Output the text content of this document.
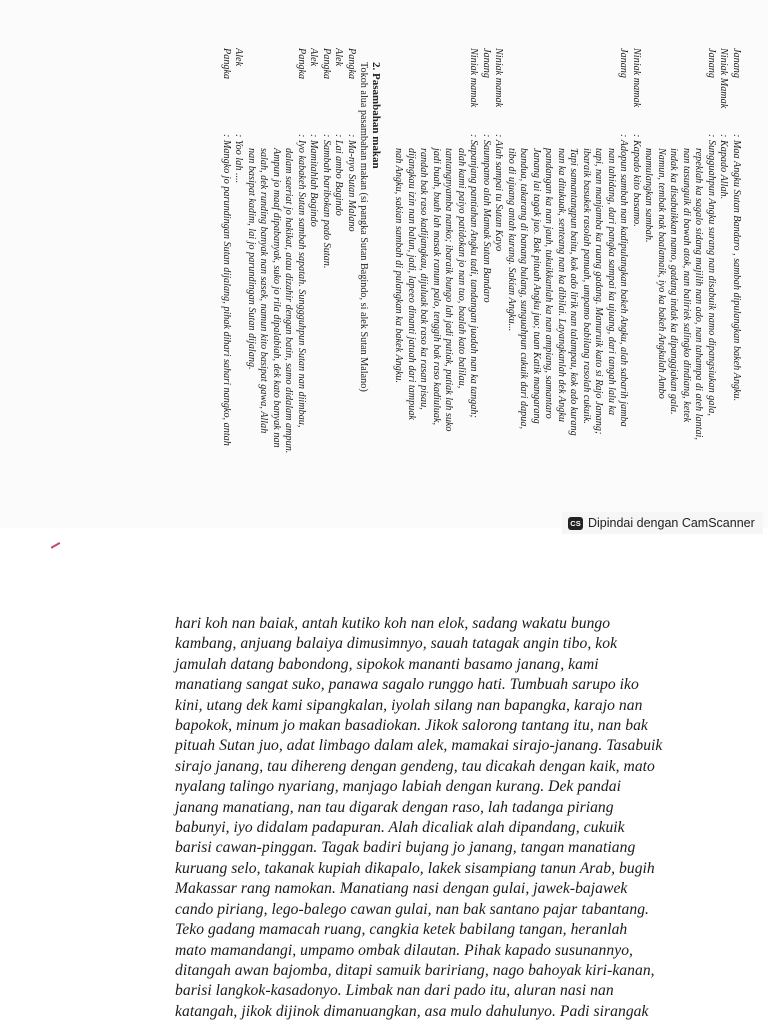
Janang: Maa Angku Sutan Bandaro , sambah dipulangkan bakeh Angku.
Niniak Mamak: Kapado Allah.
Janang: Sungguahpun Angku surang nan disabuik namo dipangsiukan gala,
repeklah ka sagalo sidang majilih nan ado, nan tahampa di ateh lantai,
nan tasunguik di bawah atok, nan baliriek salingko dindiang, ketek
indak ka disabuikkan namo, gadang indak ka dipanggiakan gala.
Namun, tembak nak baalamaik, iyo ka bakeh Angkulah Ambo
mamulangkan sambah.
Niniak mamak: Kapado kito basamo.
Janang: Adopun sambah nan kadipulangkan bakeh Angku, alah sabarih jamba
nan tahidang, dari pangka sampai ka ujuang, dari tangah lalu ka
tapi, nan manjamba ka ruang gadang. Manuruik kato si Rajo Janang;
ibaraik basukek rasolah panuah, umpamo babilang rasolah cukuik.
Tapi samantangpun baitu, kok ado lirik nan talampau, kok ado kurang
nan ka ditukuak, senteang nan ka dibilai. Layangkanlah dek Angku
pandangan ka nan jauh, tukuikkanlah ka nan ampiang, samantaro
Janang lai tagak juo. Bak pituah Angku juo; tuan Katik mangarang
bandua, takarang di banang bulang, sunguahpun cukuik dari dapua,
tibo di ujuang antah kurang. Sakian Angku...
Niniak mamak: Alah sampai tu Sutan Kayo
Janang: Saumpamo alah Mamak Sutan Bandaro
Niniak mamak: Sapanjang pantiahan Angku tadi, tandangan juadah nan ka tangah;
alah kami paiyo patidokan jo nan tuo, baalah kato balilau,
tantangnyamba nanko; ibaraik bungo lah jadi putiak, putiak lah suko
jadi buah, buah lah masak ranum palo, tenggih bak raso kadiuluak,
randah bak raso kadijangkau, dijuluak bak raso ka rasan pisau,
dijangkau izin nan balun, jadi, lapeeo dinanti jatuah dari tampuak
nah Angku, sakian sambah di pulangkan ka bakek Angku.
2. Pasambahan makan
Tokoh alua pasambahan makan (si pangka Sutan Bagindo, si alek Sutan Malano)
Pangka: Ma-nyo Sutan Malano
Alek: Lai ambo Bagindo
Pangka: Sambah baribokan pado Sutan.
Alek: Mamitahlah Bagindo
Pangka: Iyo kabakeh Sutan sambah sapatah. Sunggguhpun Sutan nan diimbau,
dalam saeriat jo hakikat, atau dizahir dengan batin, samo didalam ampun.
Ampun jo maaf dipabanyak, suko jo rila dipalabiah, dek kato banyak nan
salah, dek runding banyak nan sasek, namun kito basipat gawa, Allah
nan basipat kadim, lai jo parundingan Sutan dijalang.
Alek: Yoo lah ....
Pangka: Mangko jo parundingan Sutan dijalang, pihak dihari sahari nangko, antah
CS Dipindai dengan CamScanner
hari koh nan baiak, antah kutiko koh nan elok, sadang wakatu bungo
kambang, anjuang balaiya dimusimnyo, sauah tatagak angin tibo, kok
jamulah datang babondong, sipokok mananti basamo janang, kami
manatiang sangat suko, panawa sagalo runggo hati. Tumbuah sarupo iko
kini, utang dek kami sipangkalan, iyolah silang nan bapangka, karajo nan
bapokok, minum jo makan basadiokan. Jikok salorong tantang itu, nan bak
pituah Sutan juo, adat limbago dalam alek, mamakai sirajo-janang. Tasabuik
sirajo janang, tau dihereng dengan gendeng, tau dicakah dengan kaik, mato
nyalang talingo nyariang, manjago labiah dengan kurang. Dek pandai
janang manatiang, nan tau digarak dengan raso, lah tadanga piriang
babunyi, iyo didalam padapuran. Alah dicaliak alah dipandang, cukuik
barisi cawan-pinggan. Tagak badiri bujang jo janang, tangan manatiang
kuruang selo, takanak kupiah dikapalo, lakek sisampiang tanun Arab, bugih
Makassar rang namokan. Manatiang nasi dengan gulai, jawek-bajawek
cando piriang, lego-balego cawan gulai, nan bak santano pajar tabantang.
Teko gadang mamacah ruang, cangkia ketek babilang tangan, heranlah
mato mamandangi, umpamo ombak dilautan. Pihak kapado susunannyo,
ditangah awan bajomba, ditapi samuik baririang, nago bahoyak kiri-kanan,
barisi langkok-kasadonyo. Limbak nan dari pado itu, aluran nasi nan
katangah, jikok dijinok dimanuangkan, asa mulo dahulunyo. Padi sirangak
